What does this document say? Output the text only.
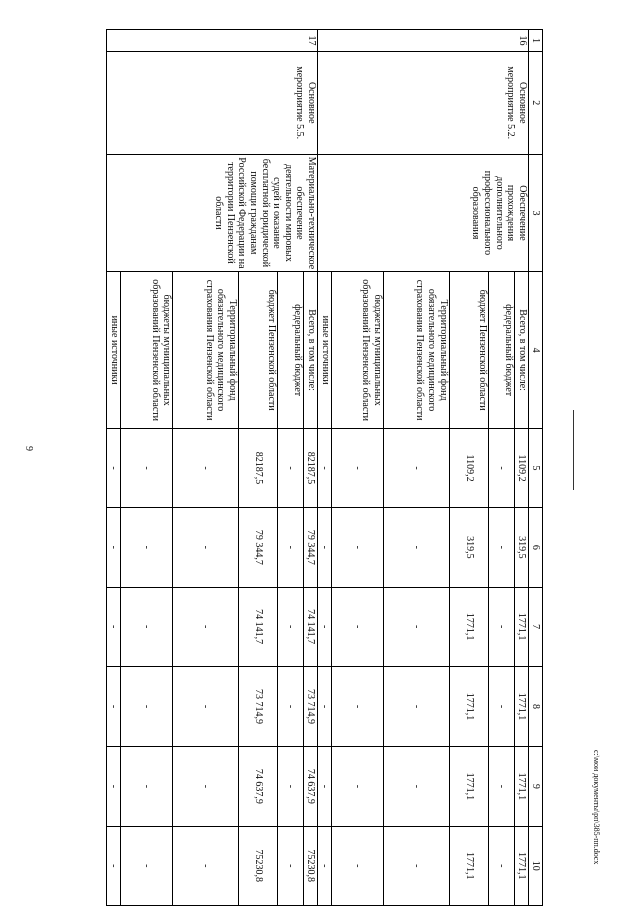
9
c:\мои документы\рп\385-пп.docx
1	2	3	4	5	6	7	8	9	10
16	Основное мероприятие 5.2.	Обеспечение прохождения дополнительного профессионального образования	Всего, в том числе:	1109,2	319,5	1771,1	1771,1	1771,1	1771,1
			федеральный бюджет	-	-	-	-	-	-
			бюджет Пензенской области	1109,2	319,5	1771,1	1771,1	1771,1	1771,1
			Территориальный фонд обязательного медицинского страхования Пензенской области	-	-	-	-	-	-
			бюджеты муниципальных образований Пензенской области	-	-	-	-	-	-
			иные источники	-	-	-	-	-	-
17	Основное мероприятие 5.5.	Материально-техническое обеспечение деятельности мировых судей и оказание бесплатной юридической помощи гражданам Российской Федерации на территории Пензенской области	Всего, в том числе:	82187,5	79 344,7	74 141,7	73 714,9	74 637,9	75230,8
			федеральный бюджет	-	-	-	-	-	-
			бюджет Пензенской области	82187,5	79 344,7	74 141,7	73 714,9	74 637,9	75230,8
			Территориальный фонд обязательного медицинского страхования Пензенской области	-	-	-	-	-	-
			бюджеты муниципальных образований Пензенской области	-	-	-	-	-	-
			иные источники	-	-	-	-	-	-
